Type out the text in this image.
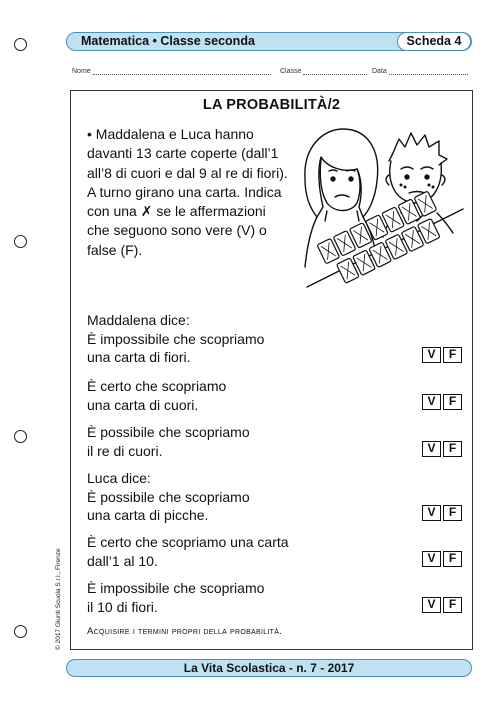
Matematica • Classe seconda	Scheda 4
Nome	Classe	Data
LA PROBABILITÀ/2
• Maddalena e Luca hanno davanti 13 carte coperte (dall’1 all’8 di cuori e dal 9 al re di fiori). A turno girano una carta. Indica con una ✗ se le affermazioni che seguono sono vere (V) o false (F).
Maddalena dice:
È impossibile che scopriamo
una carta di fiori.	V	F
È certo che scopriamo
una carta di cuori.	V	F
È possibile che scopriamo
il re di cuori.	V	F
Luca dice:
È possibile che scopriamo
una carta di picche.	V	F
È certo che scopriamo una carta
dall’1 al 10.	V	F
È impossibile che scopriamo
il 10 di fiori.	V	F
Acquisire i termini propri della probabilità.
© 2017 Giunti Scuola S.r.l., Firenze
La Vita Scolastica - n. 7 - 2017
